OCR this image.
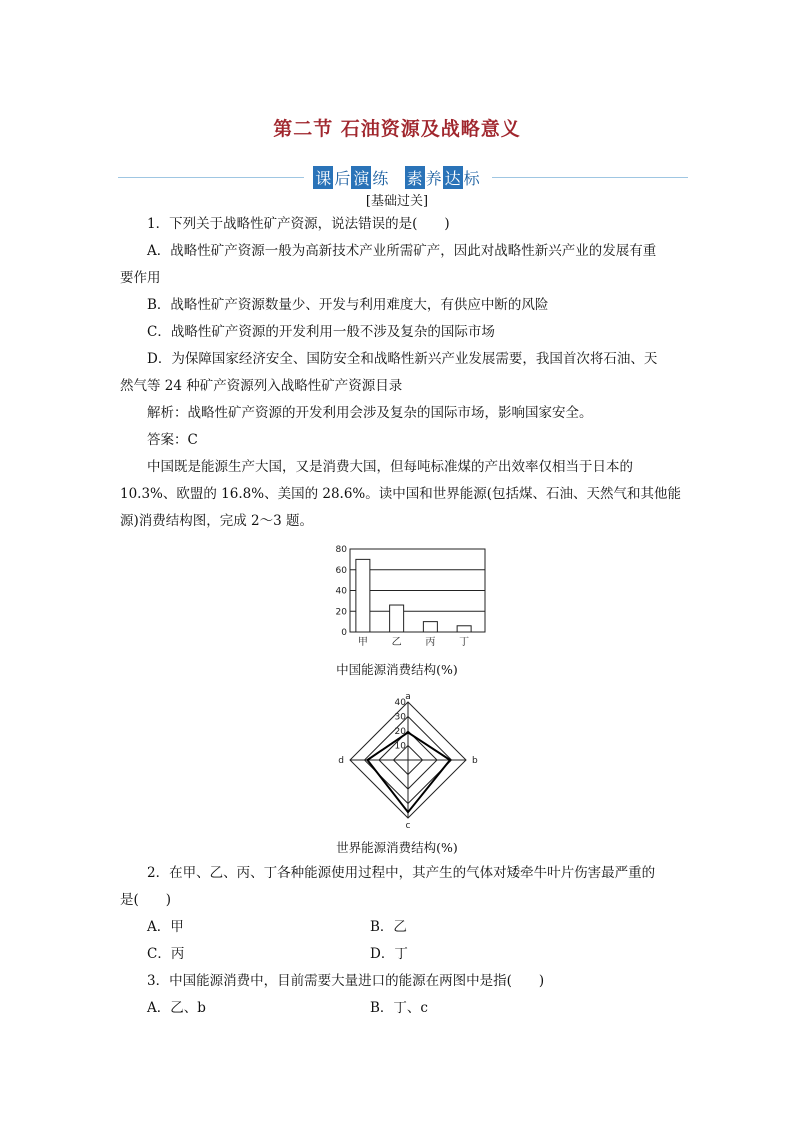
第二节 石油资源及战略意义
课 后 演 练 素 养 达 标
[基础过关]
1．下列关于战略性矿产资源，说法错误的是(　　)
A．战略性矿产资源一般为高新技术产业所需矿产，因此对战略性新兴产业的发展有重
要作用
B．战略性矿产资源数量少、开发与利用难度大，有供应中断的风险
C．战略性矿产资源的开发利用一般不涉及复杂的国际市场
D．为保障国家经济安全、国防安全和战略性新兴产业发展需要，我国首次将石油、天
然气等 24 种矿产资源列入战略性矿产资源目录
解析：战略性矿产资源的开发利用会涉及复杂的国际市场，影响国家安全。
答案：C
中国既是能源生产大国，又是消费大国，但每吨标准煤的产出效率仅相当于日本的
10.3%、欧盟的 16.8%、美国的 28.6%。读中国和世界能源(包括煤、石油、天然气和其他能
源)消费结构图，完成 2～3 题。
0
20
40
60
80
甲 乙 丙 丁
中国能源消费结构(%)
10
20
30
40
a
b
c
d
世界能源消费结构(%)
2．在甲、乙、丙、丁各种能源使用过程中，其产生的气体对矮牵牛叶片伤害最严重的
是(　　)
A．甲	B．乙
C．丙	D．丁
3．中国能源消费中，目前需要大量进口的能源在两图中是指(　　)
A．乙、b	B．丁、c
